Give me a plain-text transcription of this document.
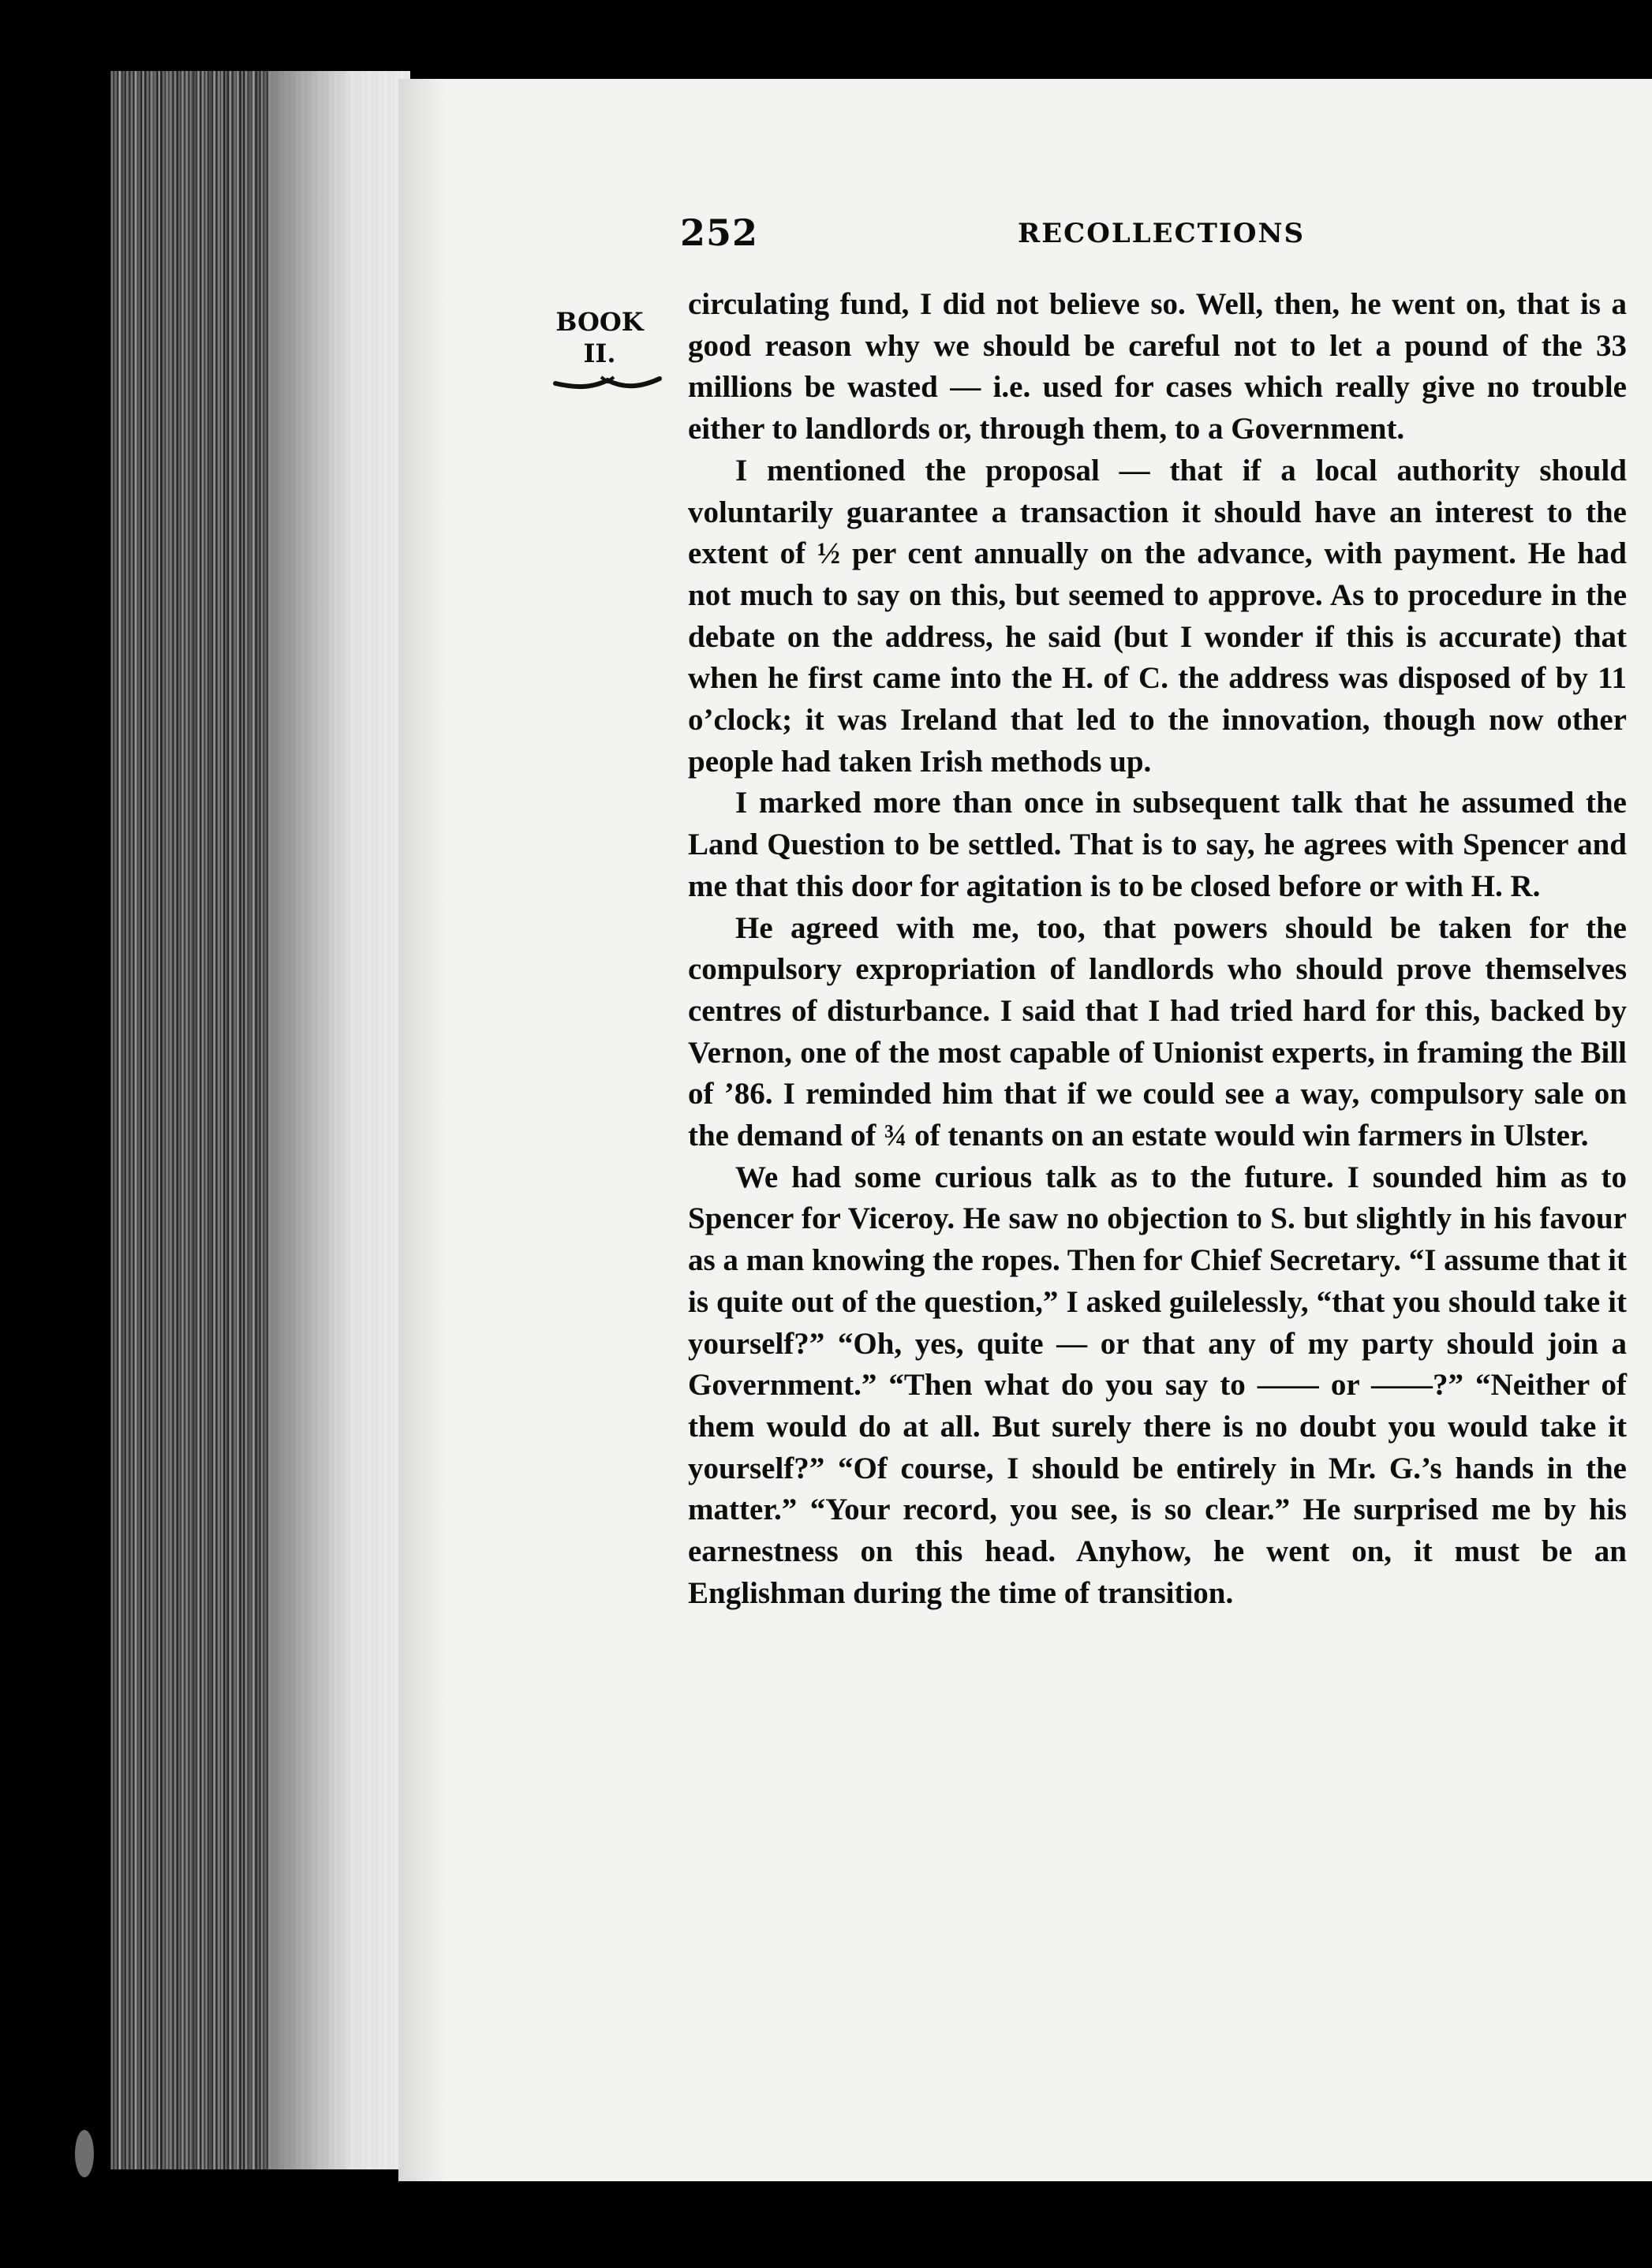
252	RECOLLECTIONS
BOOK
II.

circulating fund, I did not believe so. Well, then, he went on, that is a good reason why we should be careful not to let a pound of the 33 millions be wasted — i.e. used for cases which really give no trouble either to landlords or, through them, to a Government.

I mentioned the proposal — that if a local authority should voluntarily guarantee a transaction it should have an interest to the extent of ½ per cent annually on the advance, with payment. He had not much to say on this, but seemed to approve. As to procedure in the debate on the address, he said (but I wonder if this is accurate) that when he first came into the H. of C. the address was disposed of by 11 o’clock; it was Ireland that led to the innovation, though now other people had taken Irish methods up.

I marked more than once in subsequent talk that he assumed the Land Question to be settled. That is to say, he agrees with Spencer and me that this door for agitation is to be closed before or with H. R.

He agreed with me, too, that powers should be taken for the compulsory expropriation of landlords who should prove themselves centres of disturbance. I said that I had tried hard for this, backed by Vernon, one of the most capable of Unionist experts, in framing the Bill of ’86. I reminded him that if we could see a way, compulsory sale on the demand of ¾ of tenants on an estate would win farmers in Ulster.

We had some curious talk as to the future. I sounded him as to Spencer for Viceroy. He saw no objection to S. but slightly in his favour as a man knowing the ropes. Then for Chief Secretary. “I assume that it is quite out of the question,” I asked guilelessly, “that you should take it yourself?” “Oh, yes, quite — or that any of my party should join a Government.” “Then what do you say to —— or ——?” “Neither of them would do at all. But surely there is no doubt you would take it yourself?” “Of course, I should be entirely in Mr. G.’s hands in the matter.” “Your record, you see, is so clear.” He surprised me by his earnestness on this head. Anyhow, he went on, it must be an Englishman during the time of transition.
